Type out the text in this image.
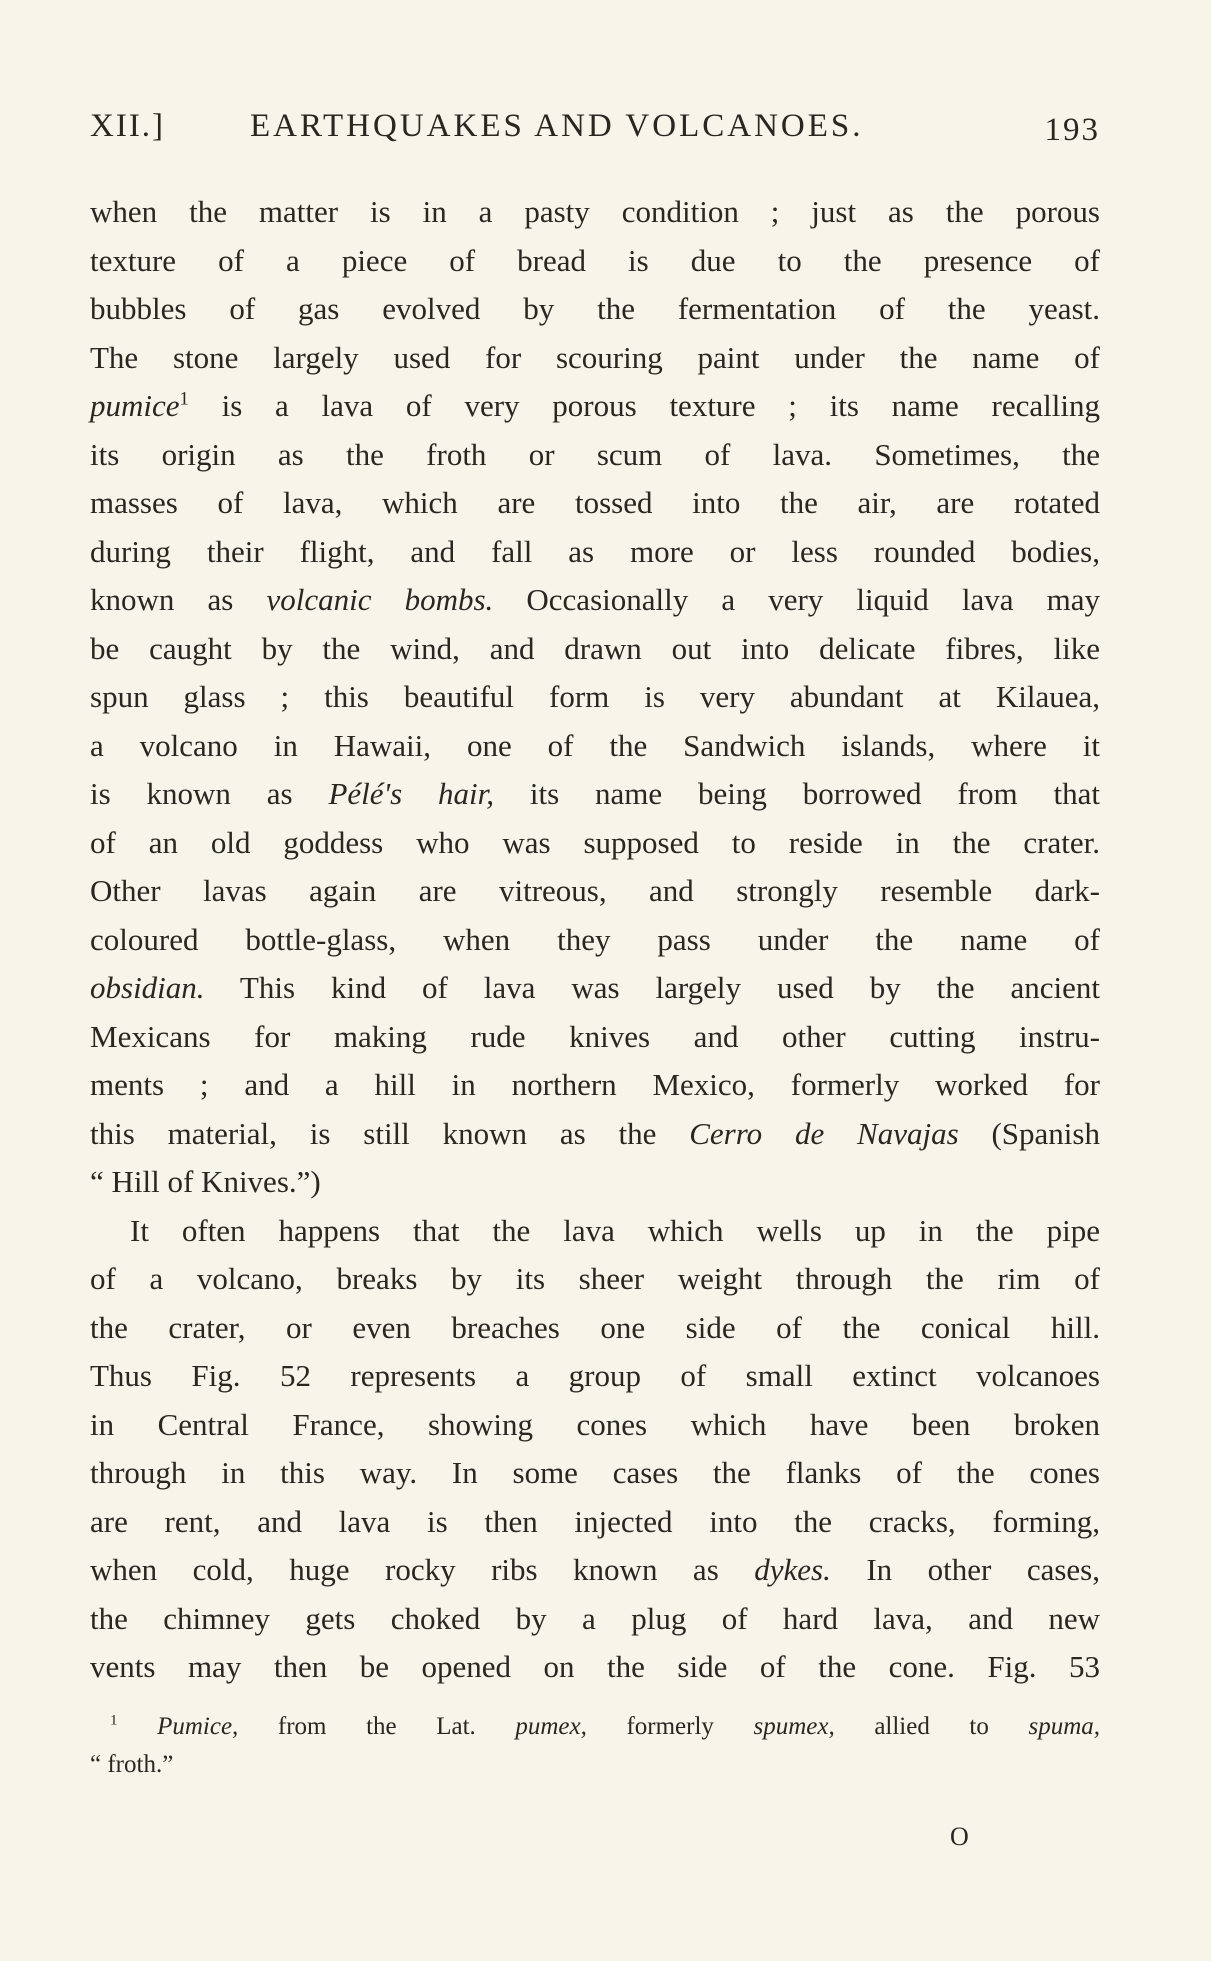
XII.]	EARTHQUAKES AND VOLCANOES.	193
when the matter is in a pasty condition ; just as the porous
texture of a piece of bread is due to the presence of
bubbles of gas evolved by the fermentation of the yeast.
The stone largely used for scouring paint under the name of
pumice$^1$ is a lava of very porous texture ; its name recalling
its origin as the froth or scum of lava. Sometimes, the
masses of lava, which are tossed into the air, are rotated
during their flight, and fall as more or less rounded bodies,
known as volcanic bombs. Occasionally a very liquid lava may
be caught by the wind, and drawn out into delicate fibres, like
spun glass ; this beautiful form is very abundant at Kilauea,
a volcano in Hawaii, one of the Sandwich islands, where it
is known as Pélé's hair, its name being borrowed from that
of an old goddess who was supposed to reside in the crater.
Other lavas again are vitreous, and strongly resemble dark-
coloured bottle-glass, when they pass under the name of
obsidian. This kind of lava was largely used by the ancient
Mexicans for making rude knives and other cutting instru-
ments ; and a hill in northern Mexico, formerly worked for
this material, is still known as the Cerro de Navajas (Spanish
“ Hill of Knives.”)
It often happens that the lava which wells up in the pipe
of a volcano, breaks by its sheer weight through the rim of
the crater, or even breaches one side of the conical hill.
Thus Fig. 52 represents a group of small extinct volcanoes
in Central France, showing cones which have been broken
through in this way. In some cases the flanks of the cones
are rent, and lava is then injected into the cracks, forming,
when cold, huge rocky ribs known as dykes. In other cases,
the chimney gets choked by a plug of hard lava, and new
vents may then be opened on the side of the cone. Fig. 53
$^1$ Pumice, from the Lat. pumex, formerly spumex, allied to spuma,
“ froth.”
O
